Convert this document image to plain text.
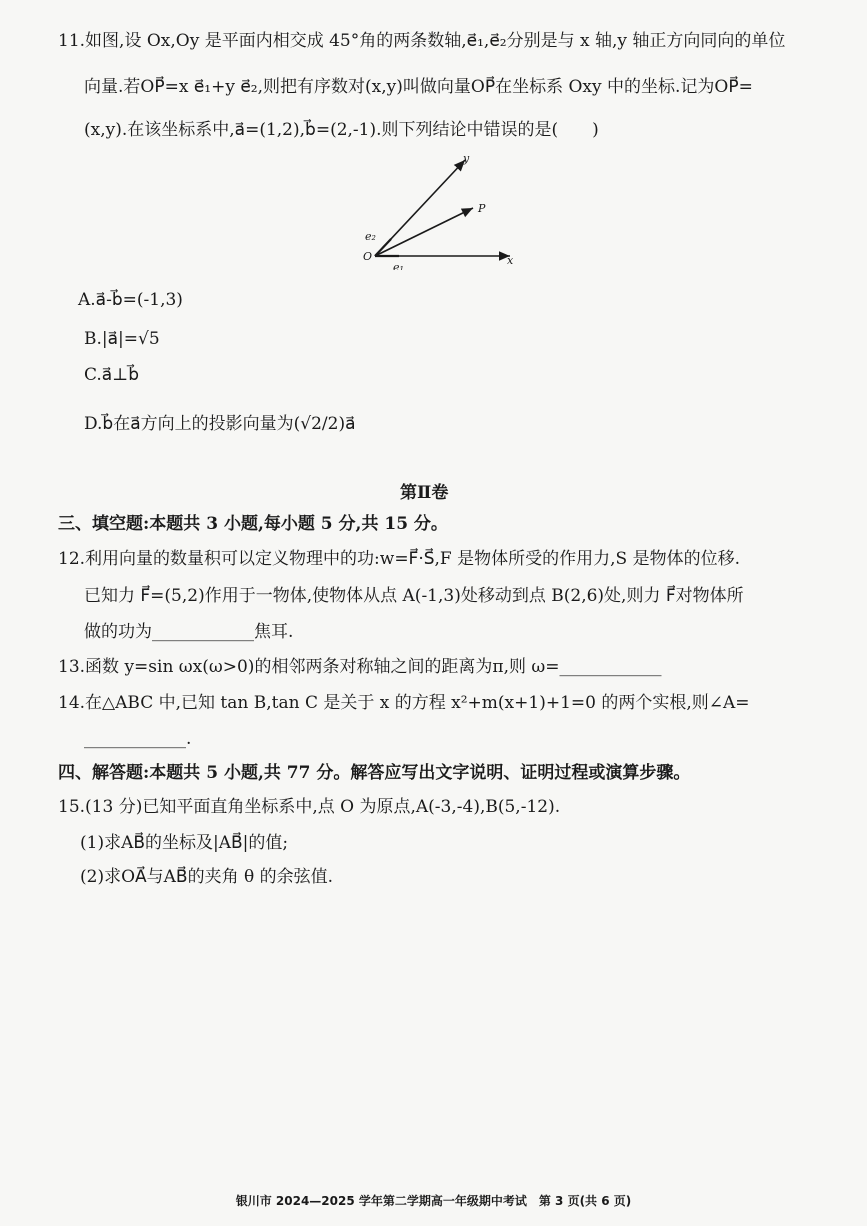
11.如图,设 Ox,Oy 是平面内相交成 45°角的两条数轴,e⃗₁,e⃗₂分别是与 x 轴,y 轴正方向同向的单位
向量.若OP⃗=x e⃗₁+y e⃗₂,则把有序数对(x,y)叫做向量OP⃗在坐标系 Oxy 中的坐标.记为OP⃗=
(x,y).在该坐标系中,a⃗=(1,2),b⃗=(2,-1).则下列结论中错误的是(　　)
y
P
O	x
e₁
e₂
A.a⃗-b⃗=(-1,3)
B.|a⃗|=√5
C.a⃗⊥b⃗
D.b⃗在a⃗方向上的投影向量为(√2/2)a⃗
第Ⅱ卷
三、填空题:本题共 3 小题,每小题 5 分,共 15 分。
12.利用向量的数量积可以定义物理中的功:w=F⃗·S⃗,F 是物体所受的作用力,S 是物体的位移.
已知力 F⃗=(5,2)作用于一物体,使物体从点 A(-1,3)处移动到点 B(2,6)处,则力 F⃗对物体所
做的功为____________焦耳.
13.函数 y=sin ωx(ω>0)的相邻两条对称轴之间的距离为π,则 ω=____________
14.在△ABC 中,已知 tan B,tan C 是关于 x 的方程 x²+m(x+1)+1=0 的两个实根,则∠A=
____________.
四、解答题:本题共 5 小题,共 77 分。解答应写出文字说明、证明过程或演算步骤。
15.(13 分)已知平面直角坐标系中,点 O 为原点,A(-3,-4),B(5,-12).
(1)求AB⃗的坐标及|AB⃗|的值;
(2)求OA⃗与AB⃗的夹角 θ 的余弦值.
银川市 2024—2025 学年第二学期高一年级期中考试　第 3 页(共 6 页)
